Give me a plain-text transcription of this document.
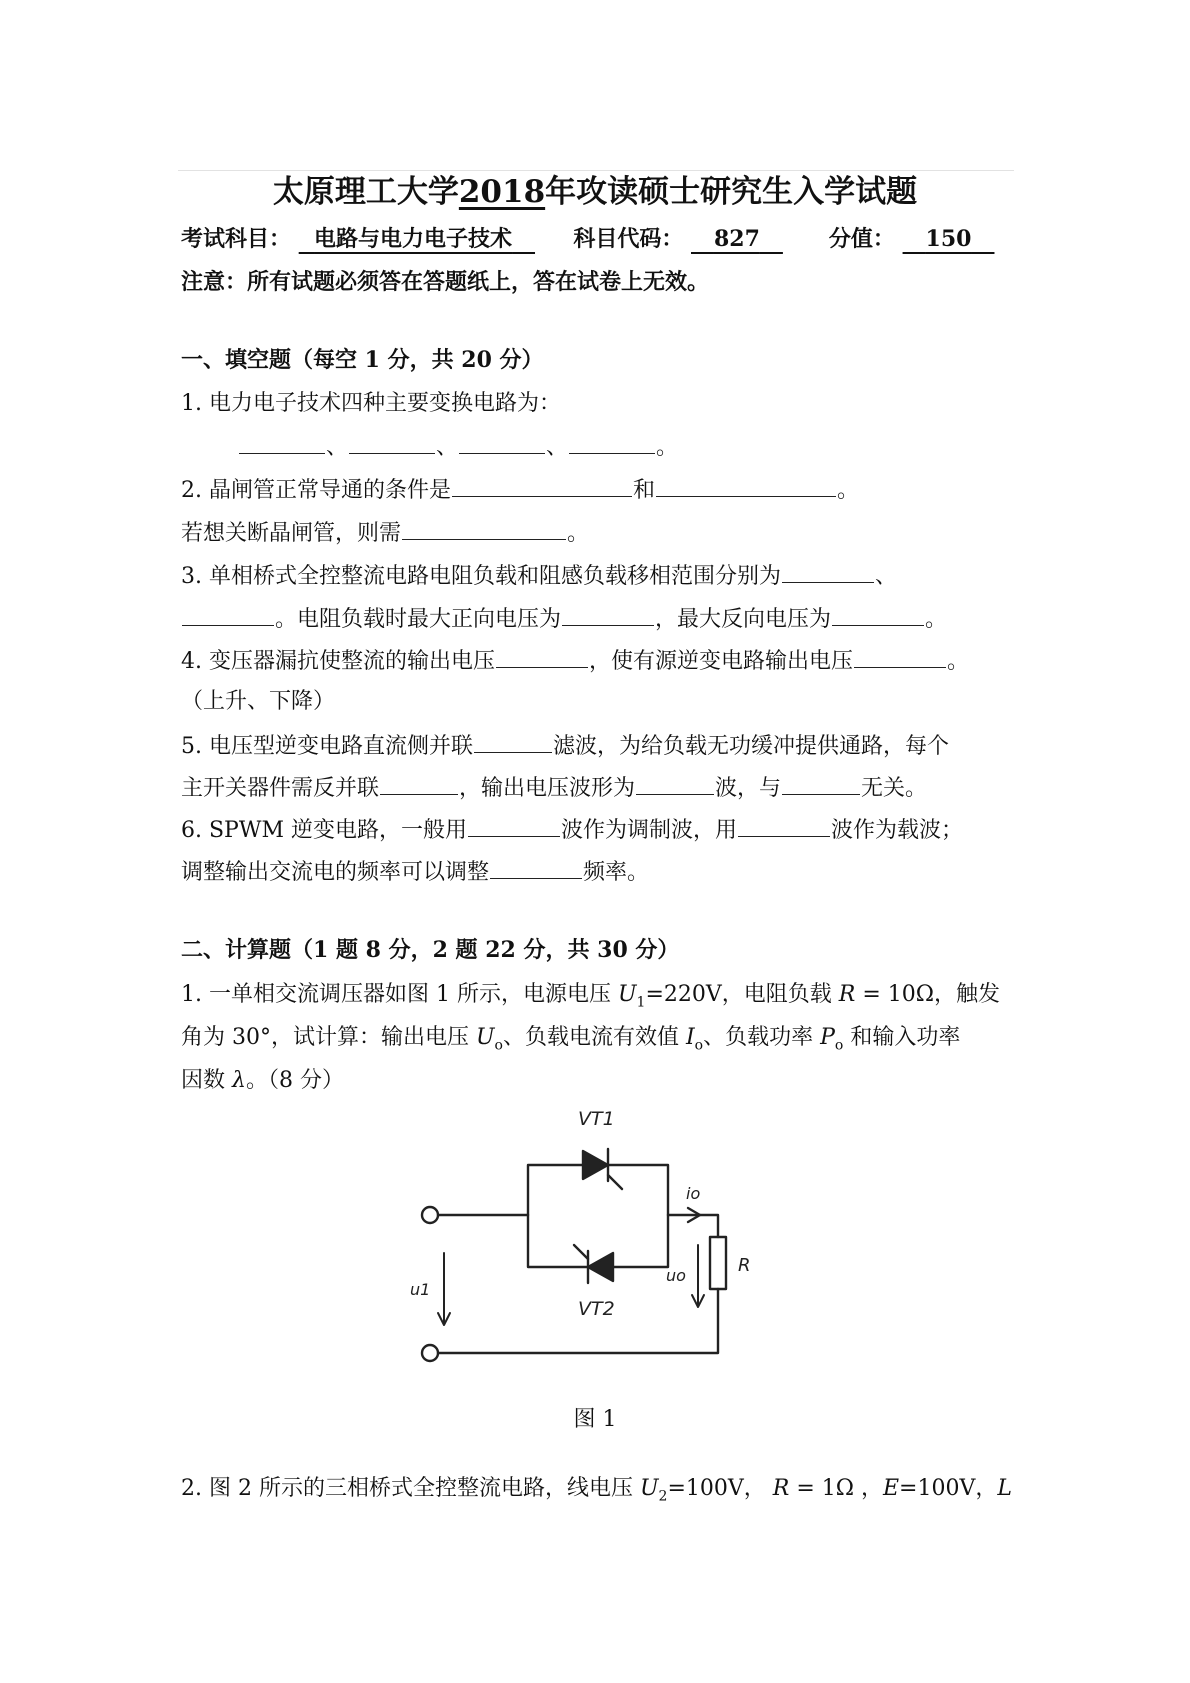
太原理工大学2018年攻读硕士研究生入学试题
考试科目： 电路与电力电子技术	科目代码： 827	分值： 150
注意：所有试题必须答在答题纸上，答在试卷上无效。
一、填空题（每空 1 分，共 20 分）
1. 电力电子技术四种主要变换电路为：
、	、	、	。
2. 晶闸管正常导通的条件是	和	。
若想关断晶闸管，则需	。
3. 单相桥式全控整流电路电阻负载和阻感负载移相范围分别为	、
。电阻负载时最大正向电压为	，最大反向电压为	。
4. 变压器漏抗使整流的输出电压	，使有源逆变电路输出电压	。
（上升、下降）
5. 电压型逆变电路直流侧并联	滤波，为给负载无功缓冲提供通路，每个
主开关器件需反并联	，输出电压波形为	波，与	无关。
6. SPWM 逆变电路，一般用	波作为调制波，用	波作为载波；
调整输出交流电的频率可以调整	频率。
二、计算题（1 题 8 分，2 题 22 分，共 30 分）
1. 一单相交流调压器如图 1 所示，电源电压 $U_1=220V$，电阻负载 R = 10Ω，触发
角为 30°，试计算：输出电压 $U_o$、负载电流有效值 $I_o$、负载功率 $P_o$ 和输入功率
因数 λ。（8 分）
VT1
VT2
io
u1
uo	R
图 1
2. 图 2 所示的三相桥式全控整流电路，线电压 $U_2=100V$， R = 1Ω ，E=100V，L
